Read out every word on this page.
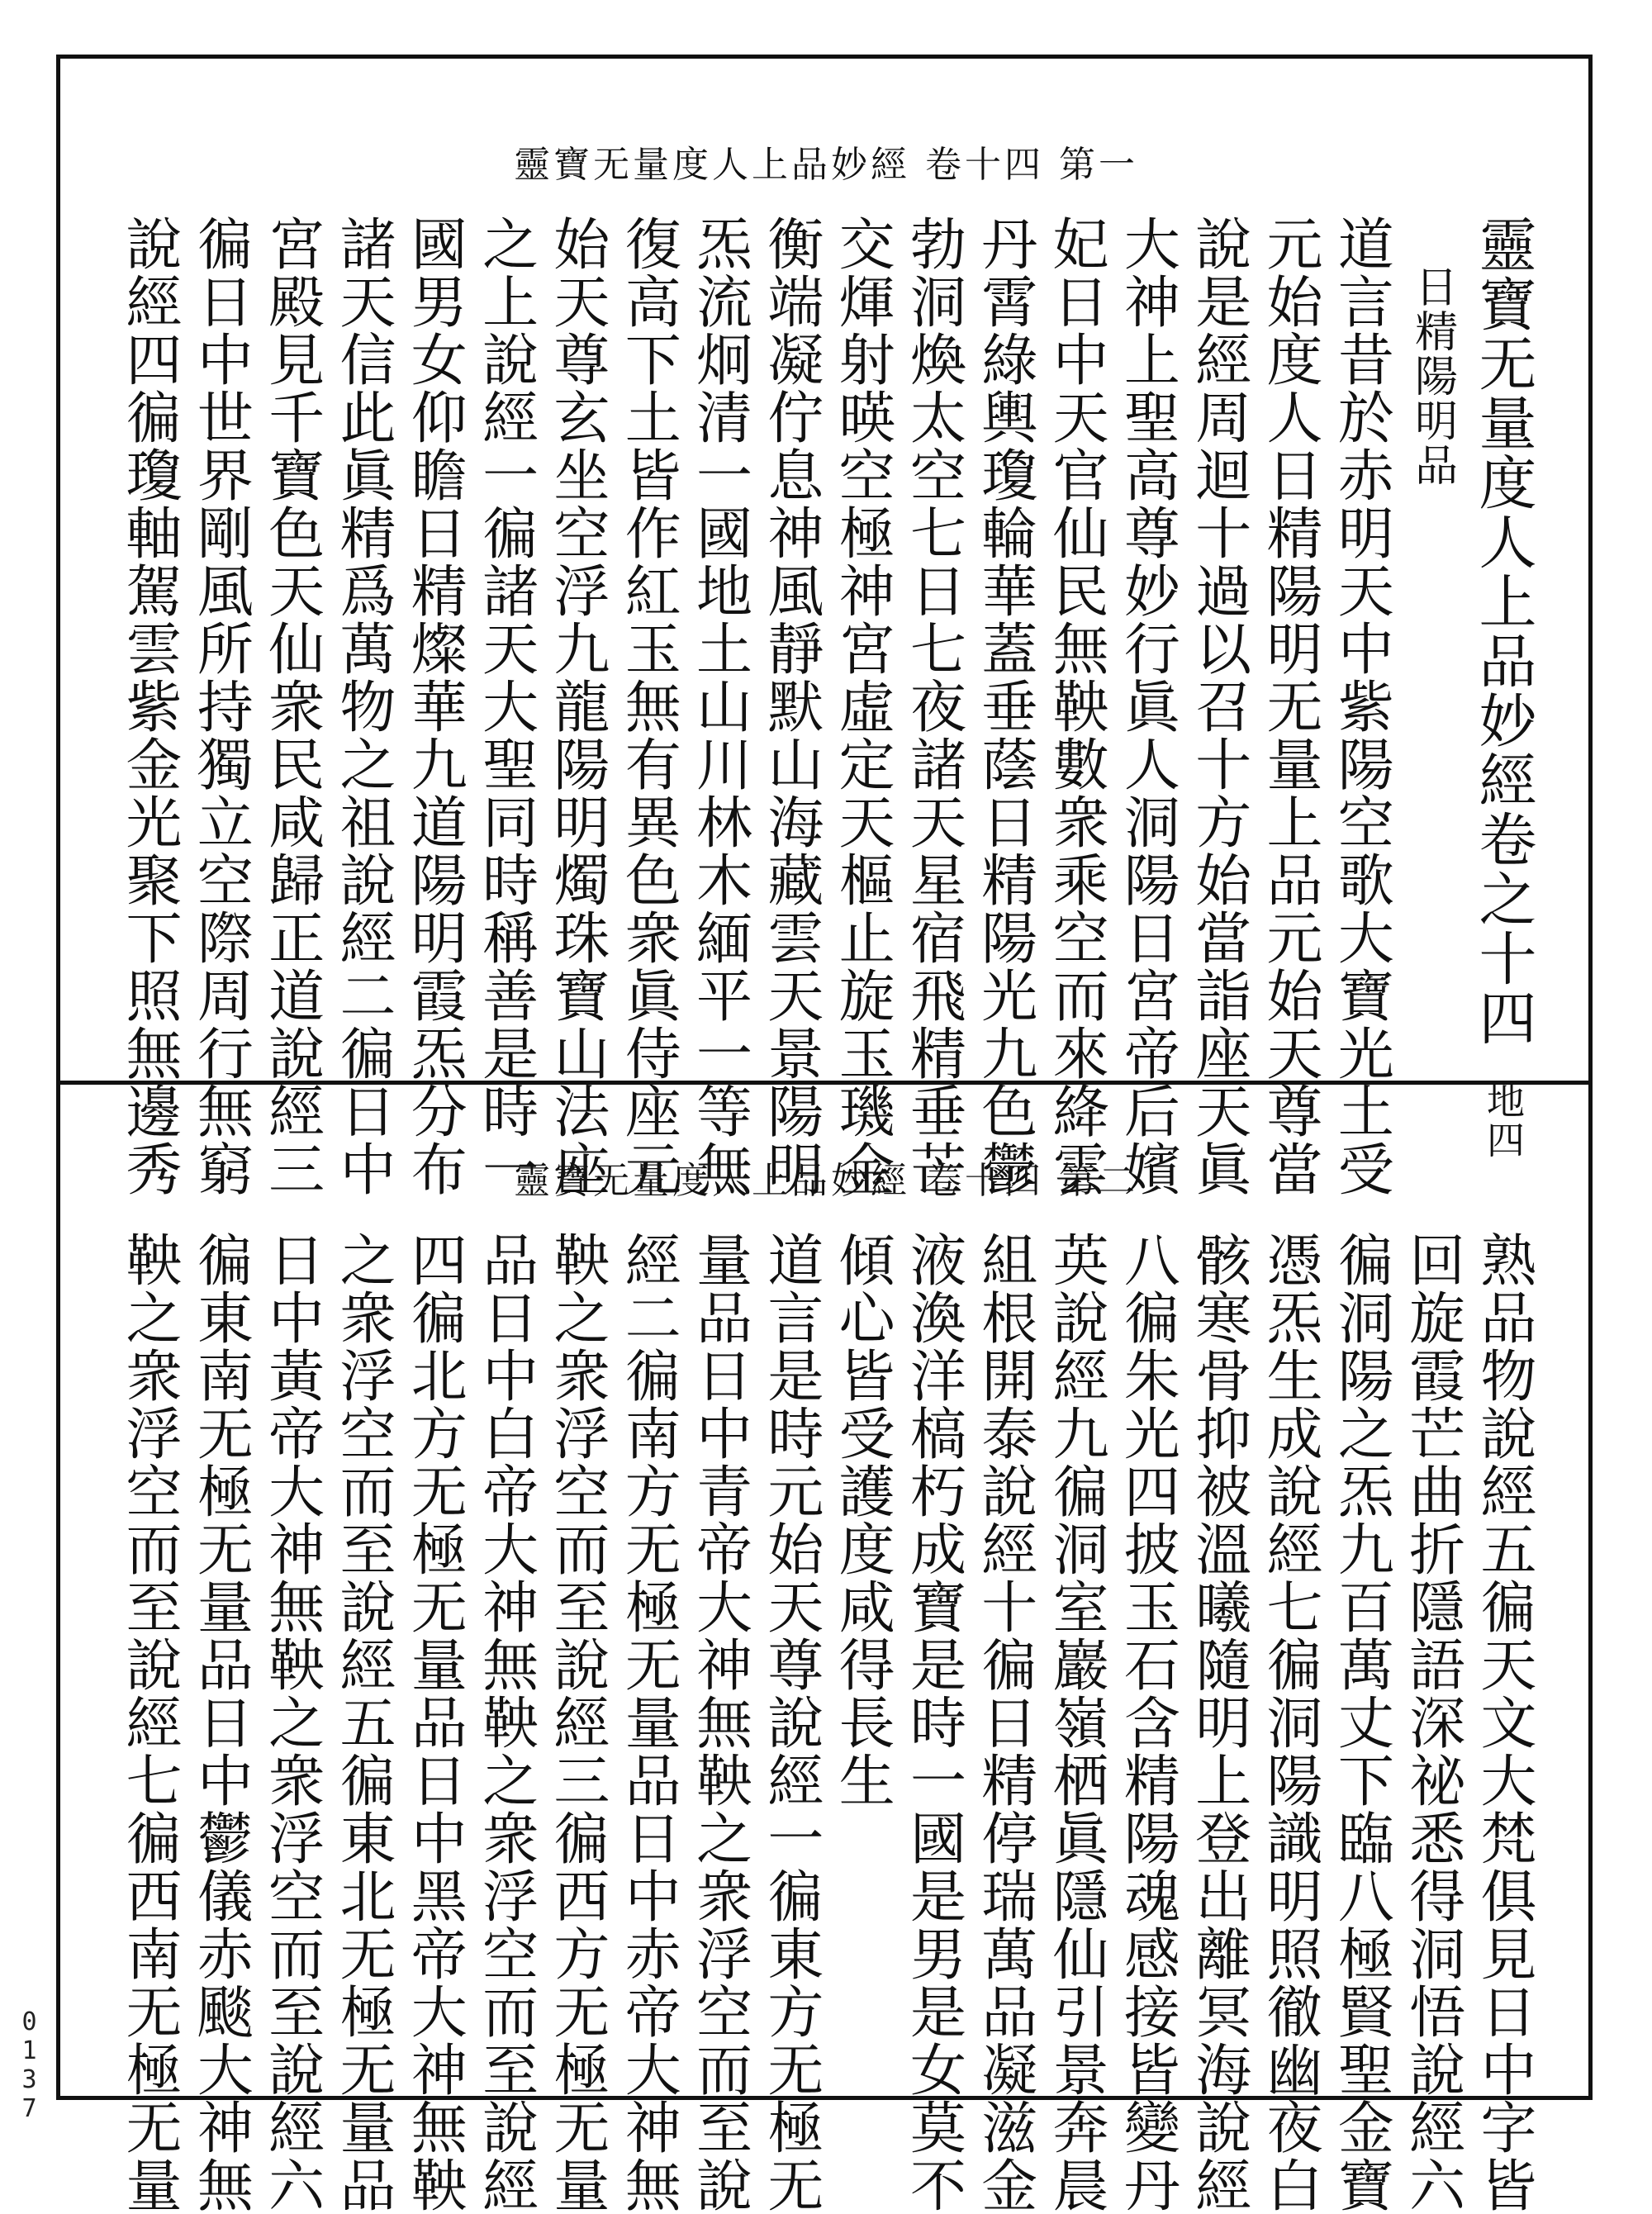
靈寶无量度人上品妙經 卷十四 第一
靈寶无量度人上品妙經卷之十四地四
日精陽明品
道言昔於赤明天中紫陽空歌大寶光土受
元始度人日精陽明无量上品元始天尊當
說是經周迴十過以召十方始當詣座天眞
大神上聖高尊妙行眞人洞陽日宮帝后嬪
妃日中天官仙民無鞅數衆乘空而來絳雲
丹霄綠輿瓊輪華蓋垂蔭日精陽光九色鬱
勃洞煥太空七日七夜諸天星宿飛精垂芒
交煇射暎空極神宮虛定天樞止旋玉璣金
衡端凝佇息神風靜默山海藏雲天景陽明
炁流炯清一國地土山川林木緬平一等無
復高下土皆作紅玉無有異色衆眞侍座元
始天尊玄坐空浮九龍陽明燭珠寶山法座
之上說經一徧諸天大聖同時稱善是時一
國男女仰瞻日精燦華九道陽明霞炁分布
諸天信此眞精爲萬物之祖說經二徧日中
宮殿見千寶色天仙衆民咸歸正道說經三
徧日中世界剛風所持獨立空際周行無窮
說經四徧瓊軸駕雲紫金光聚下照無邊秀	靈寶无量度人上品妙經 卷十四 第二
熟品物說經五徧天文大梵俱見日中字皆
回旋霞芒曲折隱語深祕悉得洞悟說經六
徧洞陽之炁九百萬丈下臨八極賢聖金寶
憑炁生成說經七徧洞陽識明照徹幽夜白
骸寒骨抑被溫曦隨明上登出離冥海說經
八徧朱光四披玉石含精陽魂感接皆變丹
英說經九徧洞室巖嶺栖眞隱仙引景奔晨
組根開泰說經十徧日精停瑞萬品凝滋金
液渙洋槁朽成寶是時一國是男是女莫不
傾心皆受護度咸得長生
道言是時元始天尊說經一徧東方无極无
量品日中青帝大神無鞅之衆浮空而至說
經二徧南方无極无量品日中赤帝大神無
鞅之衆浮空而至說經三徧西方无極无量
品日中白帝大神無鞅之衆浮空而至說經
四徧北方无極无量品日中黑帝大神無鞅
之衆浮空而至說經五徧東北无極无量品
日中黃帝大神無鞅之衆浮空而至說經六
徧東南无極无量品日中鬱儀赤颷大神無
鞅之衆浮空而至說經七徧西南无極无量
0137
